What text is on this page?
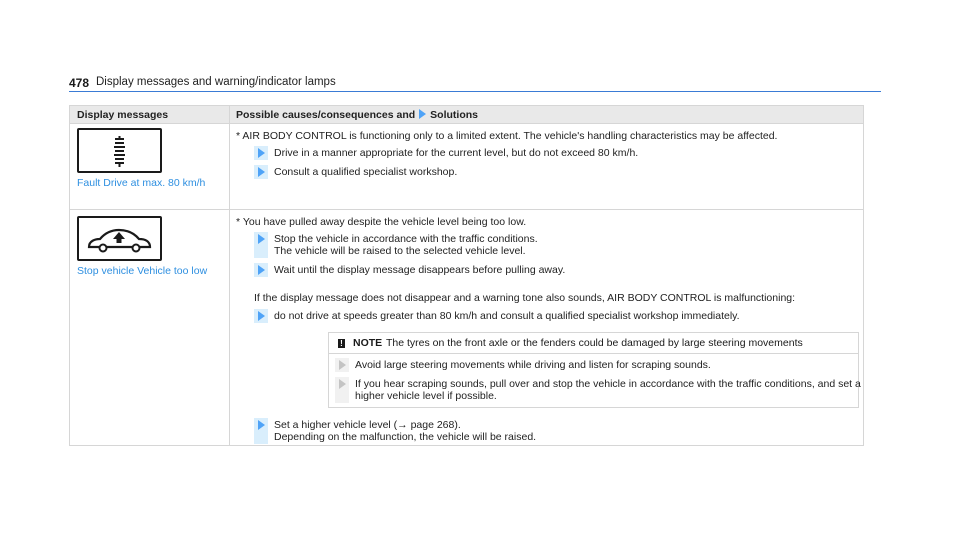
478 Display messages and warning/indicator lamps
Display messages	Possible causes/consequences and Solutions
Fault Drive at max. 80 km/h
* AIR BODY CONTROL is functioning only to a limited extent. The vehicle's handling characteristics may be affected.
Drive in a manner appropriate for the current level, but do not exceed 80 km/h.
Consult a qualified specialist workshop.
Stop vehicle Vehicle too low
* You have pulled away despite the vehicle level being too low.
Stop the vehicle in accordance with the traffic conditions.
The vehicle will be raised to the selected vehicle level.
Wait until the display message disappears before pulling away.
If the display message does not disappear and a warning tone also sounds, AIR BODY CONTROL is malfunctioning:
do not drive at speeds greater than 80 km/h and consult a qualified specialist workshop immediately.
! NOTE The tyres on the front axle or the fenders could be damaged by large steering movements
Avoid large steering movements while driving and listen for scraping sounds.
If you hear scraping sounds, pull over and stop the vehicle in accordance with the traffic conditions, and set a
higher vehicle level if possible.
Set a higher vehicle level (→ page 268).
Depending on the malfunction, the vehicle will be raised.
